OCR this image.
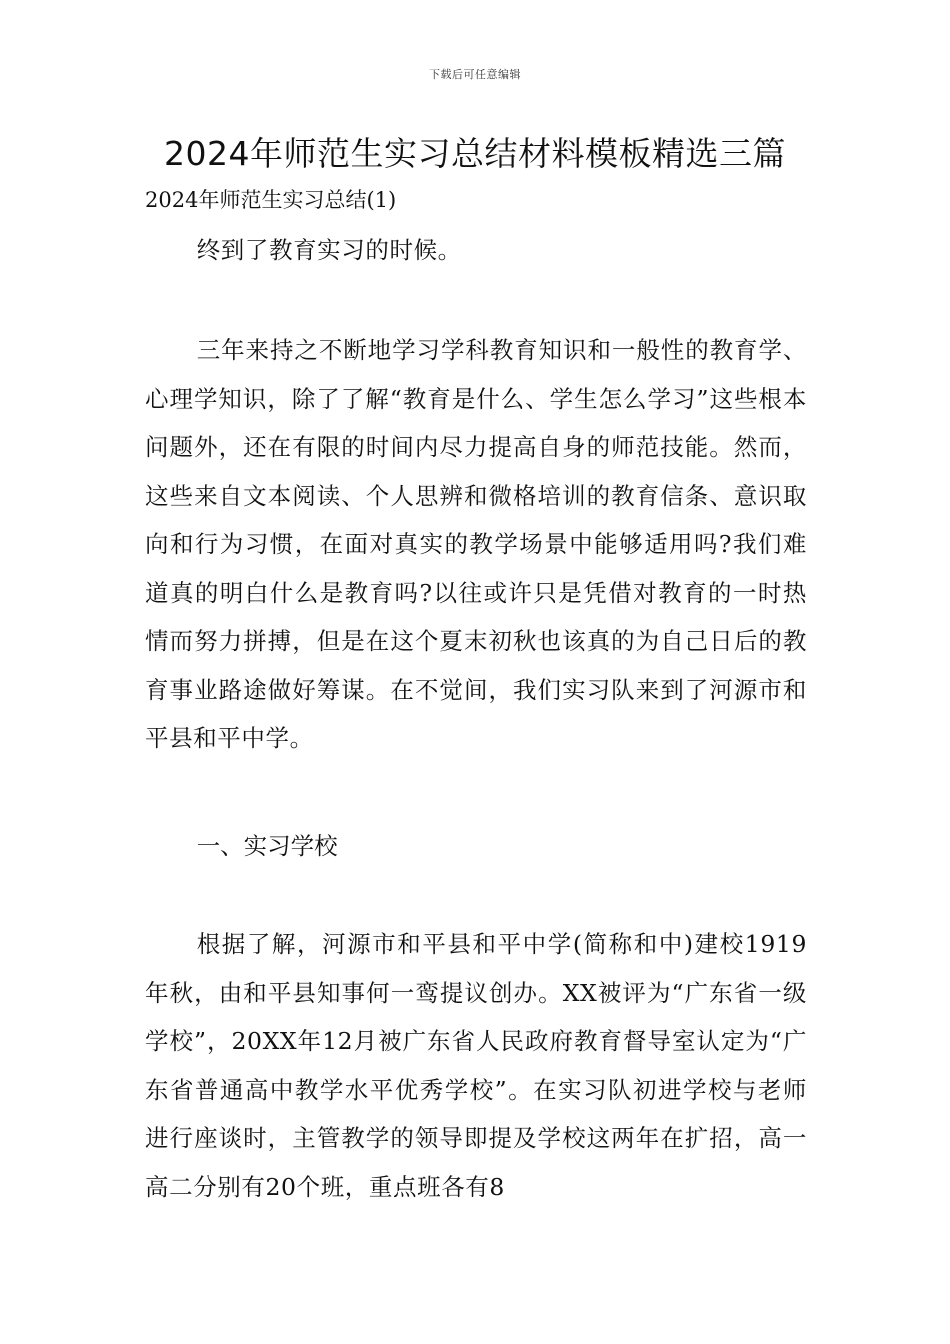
下载后可任意编辑
2024年师范生实习总结材料模板精选三篇
2024年师范生实习总结(1)

终到了教育实习的时候。

三年来持之不断地学习学科教育知识和一般性的教育学、心理学知识，除了了解“教育是什么、学生怎么学习”这些根本问题外，还在有限的时间内尽力提高自身的师范技能。然而，这些来自文本阅读、个人思辨和微格培训的教育信条、意识取向和行为习惯，在面对真实的教学场景中能够适用吗?我们难道真的明白什么是教育吗?以往或许只是凭借对教育的一时热情而努力拼搏，但是在这个夏末初秋也该真的为自己日后的教育事业路途做好筹谋。在不觉间，我们实习队来到了河源市和平县和平中学。

一、实习学校

根据了解，河源市和平县和平中学(简称和中)建校1919年秋，由和平县知事何一鸾提议创办。XX被评为“广东省一级学校”，20XX年12月被广东省人民政府教育督导室认定为“广东省普通高中教学水平优秀学校”。在实习队初进学校与老师进行座谈时，主管教学的领导即提及学校这两年在扩招，高一高二分别有20个班，重点班各有8
